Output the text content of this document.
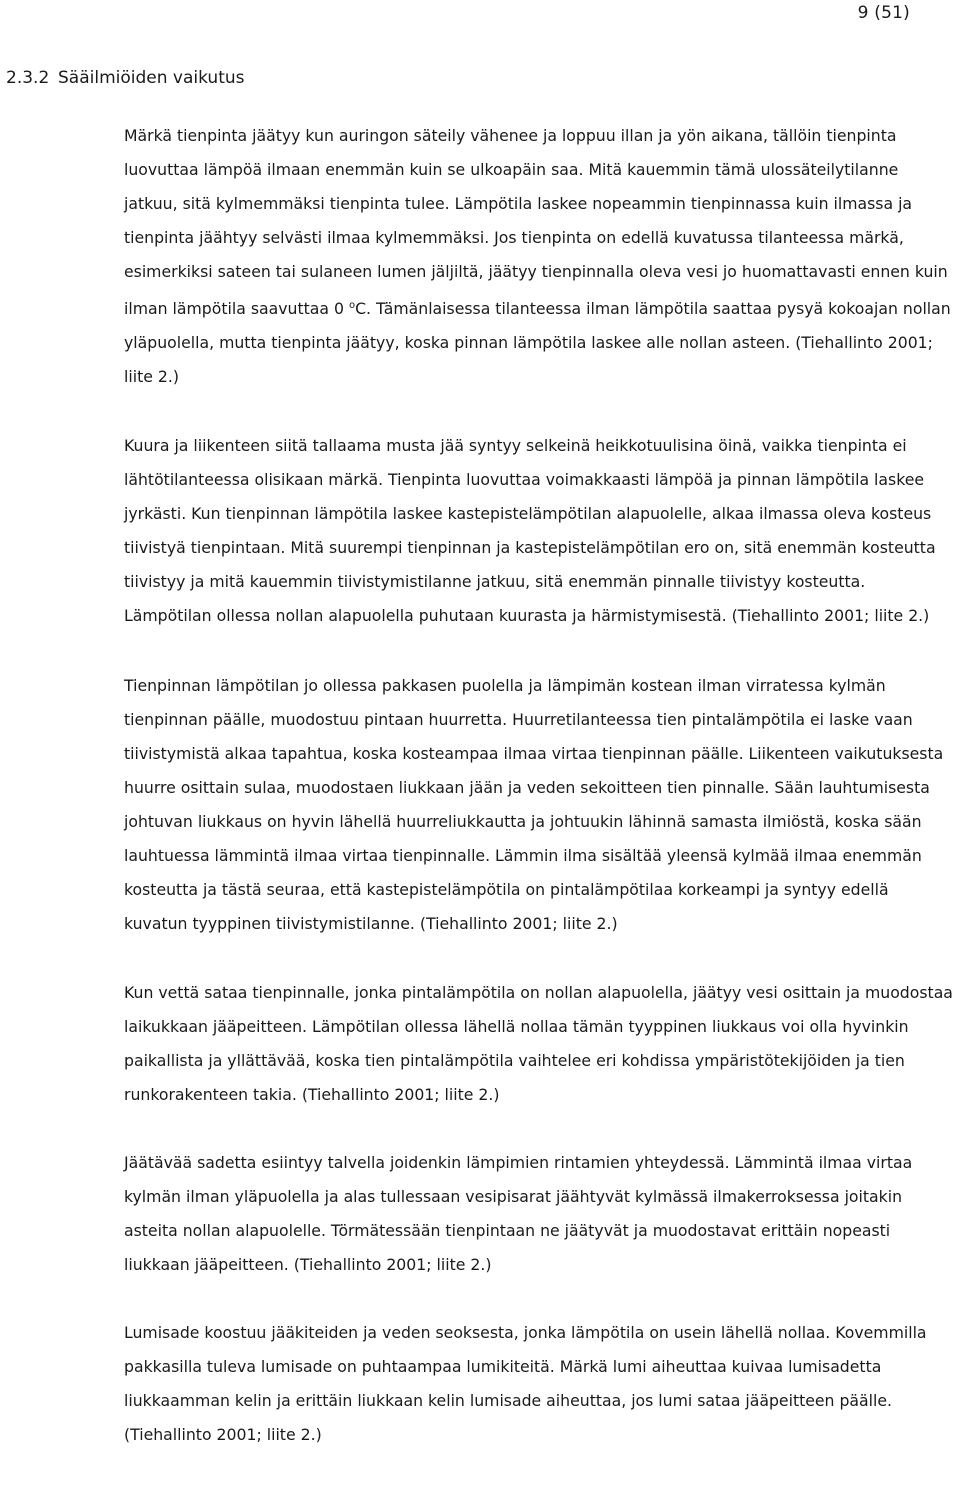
9 (51)
2.3.2 Sääilmiöiden vaikutus

Märkä tienpinta jäätyy kun auringon säteily vähenee ja loppuu illan ja yön aikana, tällöin tienpinta luovuttaa lämpöä ilmaan enemmän kuin se ulkoapäin saa. Mitä kauemmin tämä ulossäteilytilanne jatkuu, sitä kylmemmäksi tienpinta tulee. Lämpötila laskee nopeammin tienpinnassa kuin ilmassa ja tienpinta jäähtyy selvästi ilmaa kylmemmäksi. Jos tienpinta on edellä kuvatussa tilanteessa märkä, esimerkiksi sateen tai sulaneen lumen jäljiltä, jäätyy tienpinnalla oleva vesi jo huomattavasti ennen kuin ilman lämpötila saavuttaa 0 $^o$C. Tämänlaisessa tilanteessa ilman lämpötila saattaa pysyä kokoajan nollan yläpuolella, mutta tienpinta jäätyy, koska pinnan lämpötila laskee alle nollan asteen. (Tiehallinto 2001; liite 2.)

Kuura ja liikenteen siitä tallaama musta jää syntyy selkeinä heikkotuulisina öinä, vaikka tienpinta ei lähtötilanteessa olisikaan märkä. Tienpinta luovuttaa voimakkaasti lämpöä ja pinnan lämpötila laskee jyrkästi. Kun tienpinnan lämpötila laskee kastepistelämpötilan alapuolelle, alkaa ilmassa oleva kosteus tiivistyä tienpintaan. Mitä suurempi tienpinnan ja kastepistelämpötilan ero on, sitä enemmän kosteutta tiivistyy ja mitä kauemmin tiivistymistilanne jatkuu, sitä enemmän pinnalle tiivistyy kosteutta. Lämpötilan ollessa nollan alapuolella puhutaan kuurasta ja härmistymisestä. (Tiehallinto 2001; liite 2.)

Tienpinnan lämpötilan jo ollessa pakkasen puolella ja lämpimän kostean ilman virratessa kylmän tienpinnan päälle, muodostuu pintaan huurretta. Huurretilanteessa tien pintalämpötila ei laske vaan tiivistymistä alkaa tapahtua, koska kosteampaa ilmaa virtaa tienpinnan päälle. Liikenteen vaikutuksesta huurre osittain sulaa, muodostaen liukkaan jään ja veden sekoitteen tien pinnalle. Sään lauhtumisesta johtuvan liukkaus on hyvin lähellä huurreliukkautta ja johtuukin lähinnä samasta ilmiöstä, koska sään lauhtuessa lämmintä ilmaa virtaa tienpinnalle. Lämmin ilma sisältää yleensä kylmää ilmaa enemmän kosteutta ja tästä seuraa, että kastepistelämpötila on pintalämpötilaa korkeampi ja syntyy edellä kuvatun tyyppinen tiivistymistilanne. (Tiehallinto 2001; liite 2.)

Kun vettä sataa tienpinnalle, jonka pintalämpötila on nollan alapuolella, jäätyy vesi osittain ja muodostaa laikukkaan jääpeitteen. Lämpötilan ollessa lähellä nollaa tämän tyyppinen liukkaus voi olla hyvinkin paikallista ja yllättävää, koska tien pintalämpötila vaihtelee eri kohdissa ympäristötekijöiden ja tien runkorakenteen takia. (Tiehallinto 2001; liite 2.)

Jäätävää sadetta esiintyy talvella joidenkin lämpimien rintamien yhteydessä. Lämmintä ilmaa virtaa kylmän ilman yläpuolella ja alas tullessaan vesipisarat jäähtyvät kylmässä ilmakerroksessa joitakin asteita nollan alapuolelle. Törmätessään tienpintaan ne jäätyvät ja muodostavat erittäin nopeasti liukkaan jääpeitteen. (Tiehallinto 2001; liite 2.)

Lumisade koostuu jääkiteiden ja veden seoksesta, jonka lämpötila on usein lähellä nollaa. Kovemmilla pakkasilla tuleva lumisade on puhtaampaa lumikiteitä. Märkä lumi aiheuttaa kuivaa lumisadetta liukkaamman kelin ja erittäin liukkaan kelin lumisade aiheuttaa, jos lumi sataa jääpeitteen päälle. (Tiehallinto 2001; liite 2.)
